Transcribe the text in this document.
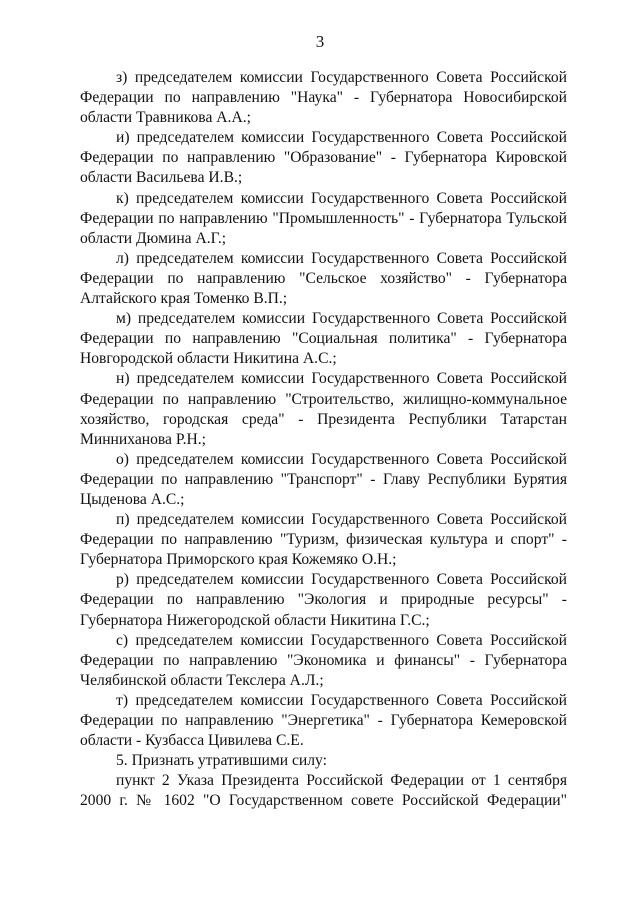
3

з) председателем комиссии Государственного Совета Российской Федерации по направлению "Наука" - Губернатора Новосибирской области Травникова А.А.;

и) председателем комиссии Государственного Совета Российской Федерации по направлению "Образование" - Губернатора Кировской области Васильева И.В.;

к) председателем комиссии Государственного Совета Российской Федерации по направлению "Промышленность" - Губернатора Тульской области Дюмина А.Г.;

л) председателем комиссии Государственного Совета Российской Федерации по направлению "Сельское хозяйство" - Губернатора Алтайского края Томенко В.П.;

м) председателем комиссии Государственного Совета Российской Федерации по направлению "Социальная политика" - Губернатора Новгородской области Никитина А.С.;

н) председателем комиссии Государственного Совета Российской Федерации по направлению "Строительство, жилищно-коммунальное хозяйство, городская среда" - Президента Республики Татарстан Минниханова Р.Н.;

о) председателем комиссии Государственного Совета Российской Федерации по направлению "Транспорт" - Главу Республики Бурятия Цыденова А.С.;

п) председателем комиссии Государственного Совета Российской Федерации по направлению "Туризм, физическая культура и спорт" - Губернатора Приморского края Кожемяко О.Н.;

р) председателем комиссии Государственного Совета Российской Федерации по направлению "Экология и природные ресурсы" - Губернатора Нижегородской области Никитина Г.С.;

с) председателем комиссии Государственного Совета Российской Федерации по направлению "Экономика и финансы" - Губернатора Челябинской области Текслера А.Л.;

т) председателем комиссии Государственного Совета Российской Федерации по направлению "Энергетика" - Губернатора Кемеровской области - Кузбасса Цивилева С.Е.

5. Признать утратившими силу:

пункт 2 Указа Президента Российской Федерации от 1 сентября 2000 г. № 1602 "О Государственном совете Российской Федерации"
